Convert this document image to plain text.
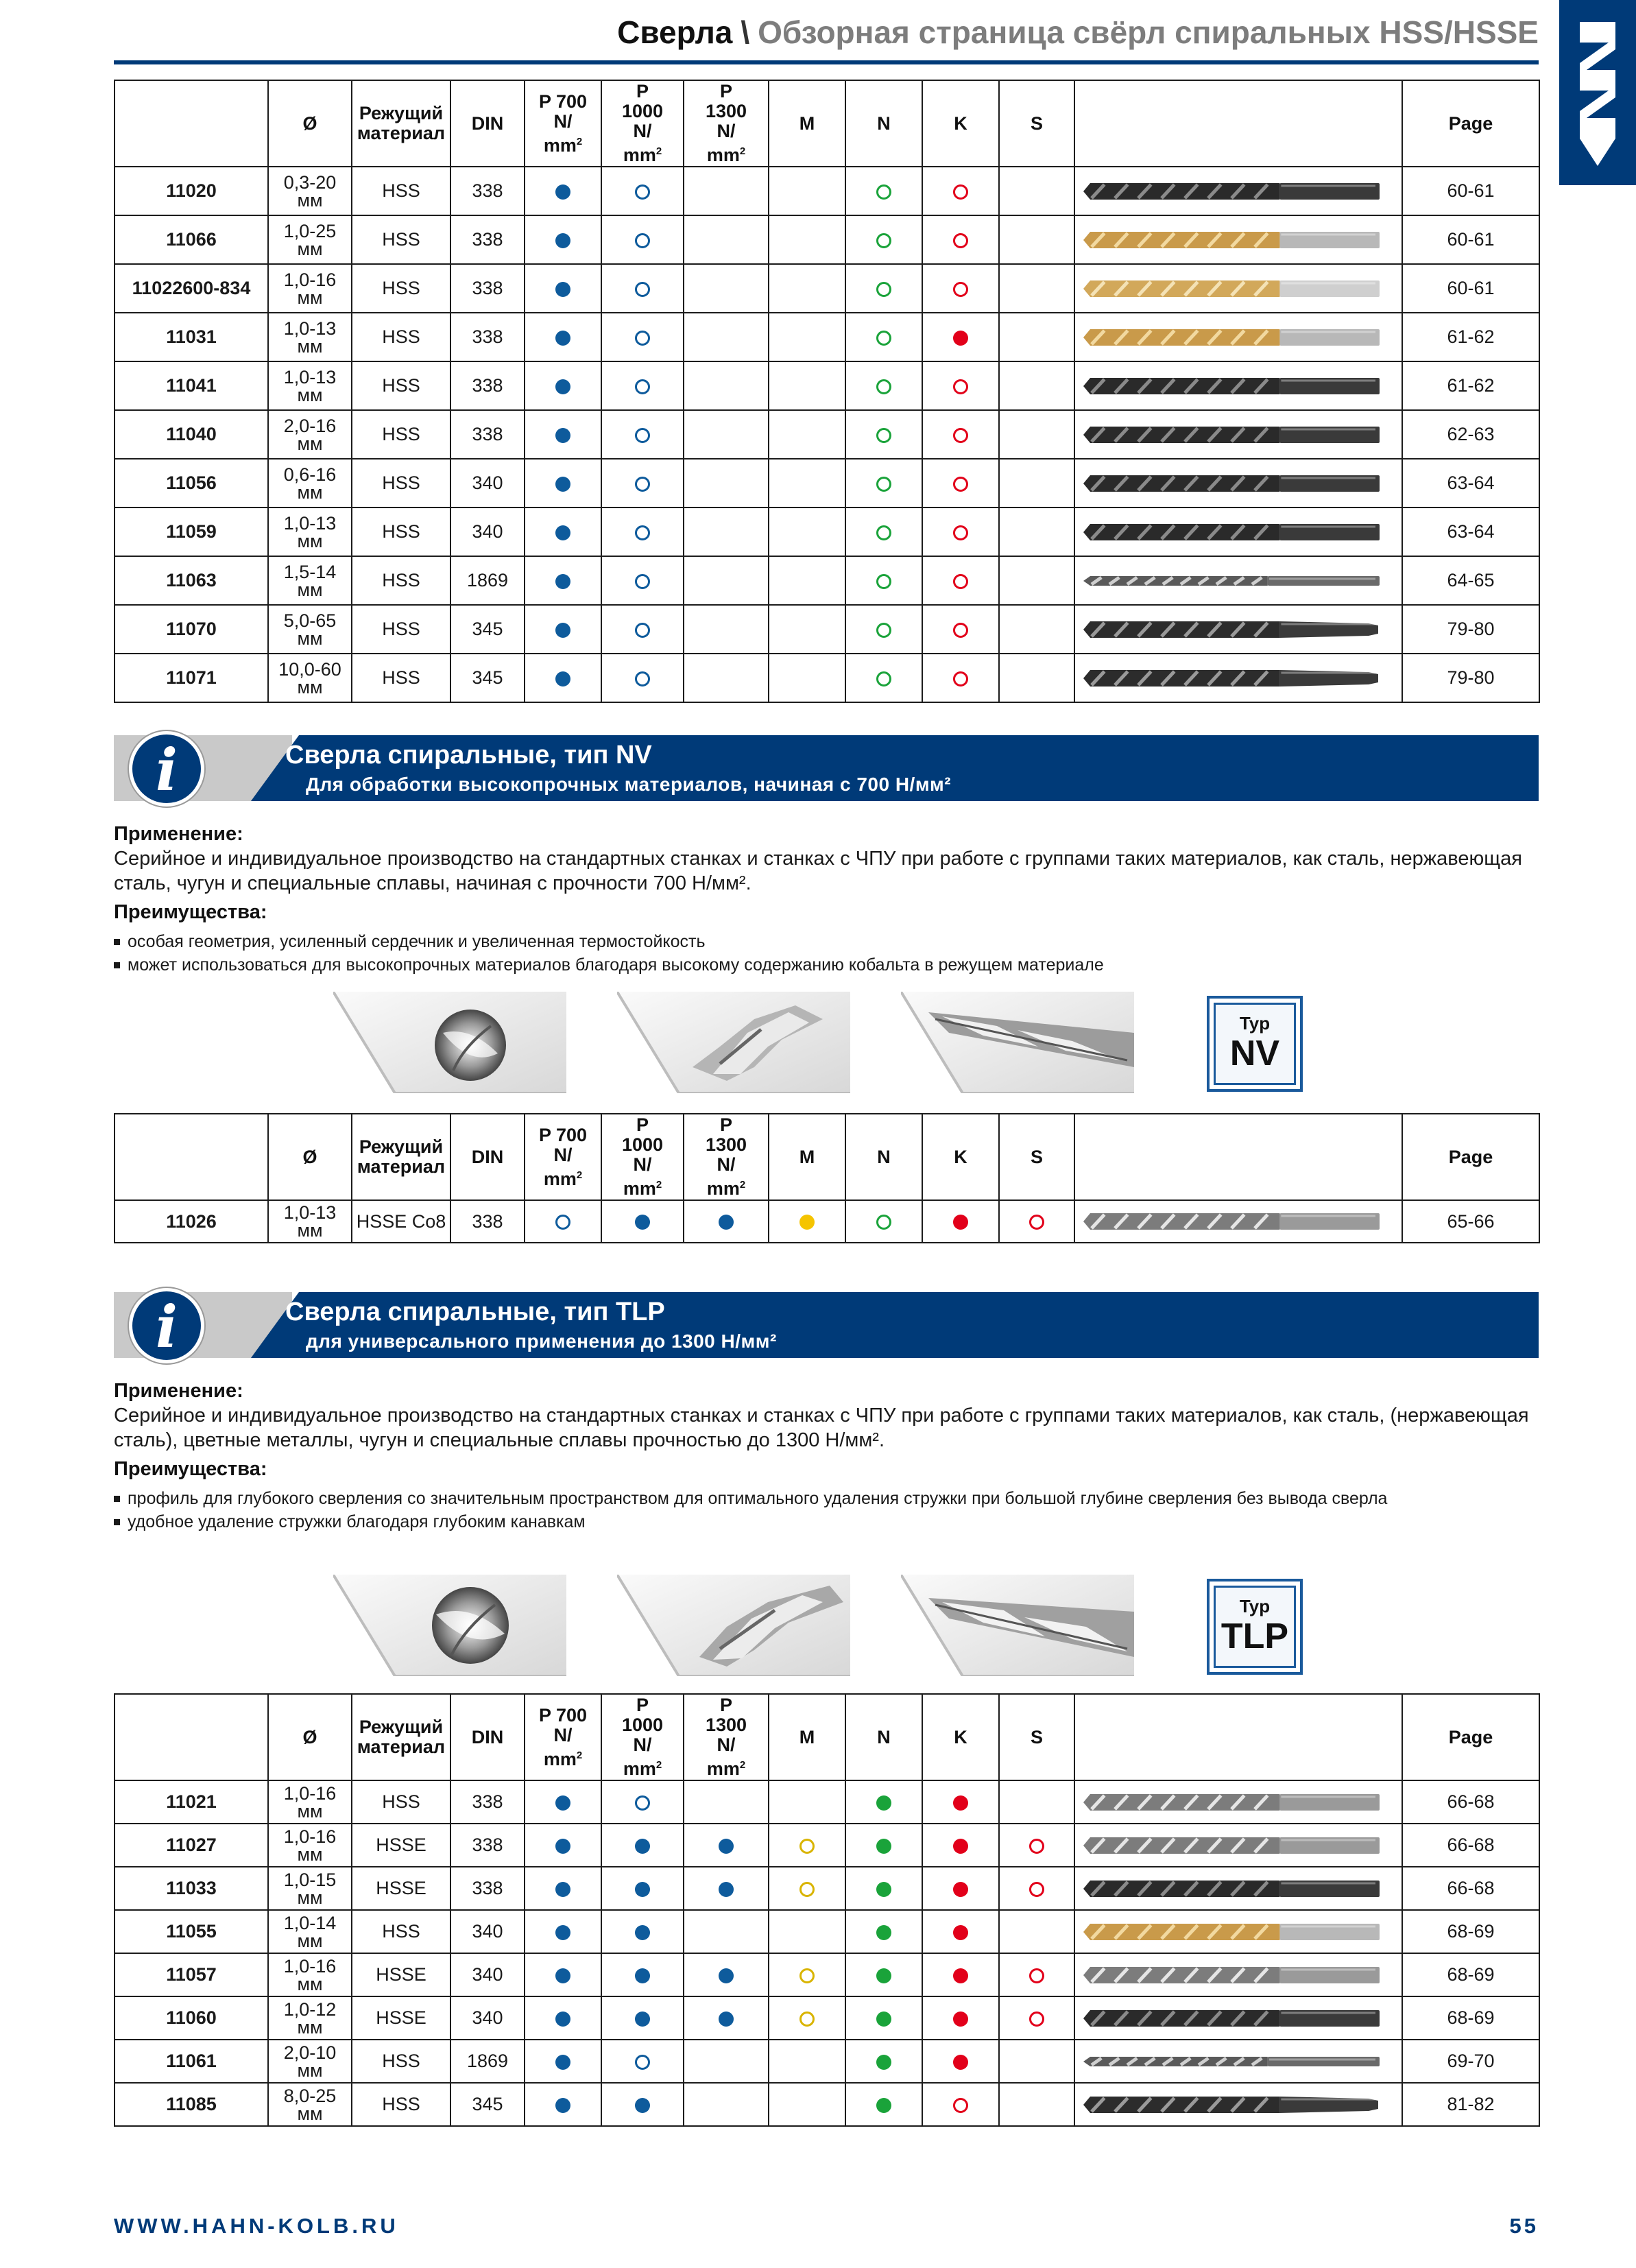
Сверла \ Обзорная страница свёрл спиральных HSS/HSSE
	Ø	Режущий материал	DIN	P 700
N/
$mm^2$	P
1000
N/
$mm^2$	P
1300
N/
$mm^2$	M	N	K	S		Page
11020	0,3-20
мм	HSS	338									60-61
11066	1,0-25
мм	HSS	338									60-61
11022600-834	1,0-16
мм	HSS	338									60-61
11031	1,0-13
мм	HSS	338									61-62
11041	1,0-13
мм	HSS	338									61-62
11040	2,0-16
мм	HSS	338									62-63
11056	0,6-16
мм	HSS	340									63-64
11059	1,0-13
мм	HSS	340									63-64
11063	1,5-14
мм	HSS	1869									64-65
11070	5,0-65
мм	HSS	345									79-80
11071	10,0-60
мм	HSS	345									79-80
i	Сверла спиральные, тип NV
Для обработки высокопрочных материалов, начиная с 700 Н/мм²
Применение:
Серийное и индивидуальное производство на стандартных станках и станках с ЧПУ при работе с группами таких материалов, как сталь, нержавеющая сталь, чугун и специальные сплавы, начиная с прочности 700 Н/мм².
Преимущества:
особая геометрия, усиленный сердечник и увеличенная термостойкость
может использоваться для высокопрочных материалов благодаря высокому содержанию кобальта в режущем материале
Typ
NV
	Ø	Режущий материал	DIN	P 700
N/
$mm^2$	P
1000
N/
$mm^2$	P
1300
N/
$mm^2$	M	N	K	S		Page
11026	1,0-13
мм	HSSE Co8	338									65-66
i	Сверла спиральные, тип TLP
для универсального применения до 1300 Н/мм²
Применение:
Серийное и индивидуальное производство на стандартных станках и станках с ЧПУ при работе с группами таких материалов, как сталь, (нержавеющая сталь), цветные металлы, чугун и специальные сплавы прочностью до 1300 Н/мм².
Преимущества:
профиль для глубокого сверления со значительным пространством для оптимального удаления стружки при большой глубине сверления без вывода сверла
удобное удаление стружки благодаря глубоким канавкам
Typ
TLP
	Ø	Режущий материал	DIN	P 700
N/
$mm^2$	P
1000
N/
$mm^2$	P
1300
N/
$mm^2$	M	N	K	S		Page
11021	1,0-16
мм	HSS	338									66-68
11027	1,0-16
мм	HSSE	338									66-68
11033	1,0-15
мм	HSSE	338									66-68
11055	1,0-14
мм	HSS	340									68-69
11057	1,0-16
мм	HSSE	340									68-69
11060	1,0-12
мм	HSSE	340									68-69
11061	2,0-10
мм	HSS	1869									69-70
11085	8,0-25
мм	HSS	345									81-82
WWW.HAHN-KOLB.RU	55
